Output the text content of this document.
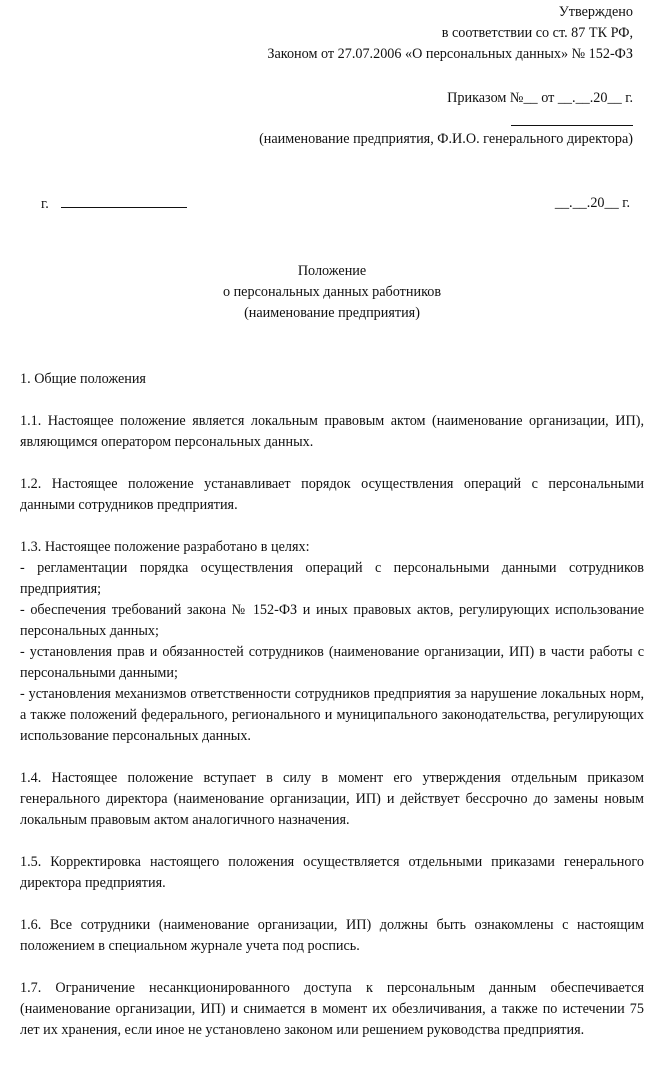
Утверждено
в соответствии со ст. 87 ТК РФ,
Законом от 27.07.2006 «О персональных данных» № 152-ФЗ
Приказом №__ от __.__.20__ г.
(наименование предприятия, Ф.И.О. генерального директора)
г.	__.__.20__ г.
Положение
о персональных данных работников
(наименование предприятия)

1. Общие положения

1.1. Настоящее положение является локальным правовым актом (наименование организации, ИП), являющимся оператором персональных данных.

1.2. Настоящее положение устанавливает порядок осуществления операций с персональными данными сотрудников предприятия.

1.3. Настоящее положение разработано в целях:

- регламентации порядка осуществления операций с персональными данными сотрудников предприятия;

- обеспечения требований закона № 152-ФЗ и иных правовых актов, регулирующих использование персональных данных;

- установления прав и обязанностей сотрудников (наименование организации, ИП) в части работы с персональными данными;

- установления механизмов ответственности сотрудников предприятия за нарушение локальных норм, а также положений федерального, регионального и муниципального законодательства, регулирующих использование персональных данных.

1.4. Настоящее положение вступает в силу в момент его утверждения отдельным приказом генерального директора (наименование организации, ИП) и действует бессрочно до замены новым локальным правовым актом аналогичного назначения.

1.5. Корректировка настоящего положения осуществляется отдельными приказами генерального директора предприятия.

1.6. Все сотрудники (наименование организации, ИП) должны быть ознакомлены с настоящим положением в специальном журнале учета под роспись.

1.7. Ограничение несанкционированного доступа к персональным данным обеспечивается (наименование организации, ИП) и снимается в момент их обезличивания, а также по истечении 75 лет их хранения, если иное не установлено законом или решением руководства предприятия.
